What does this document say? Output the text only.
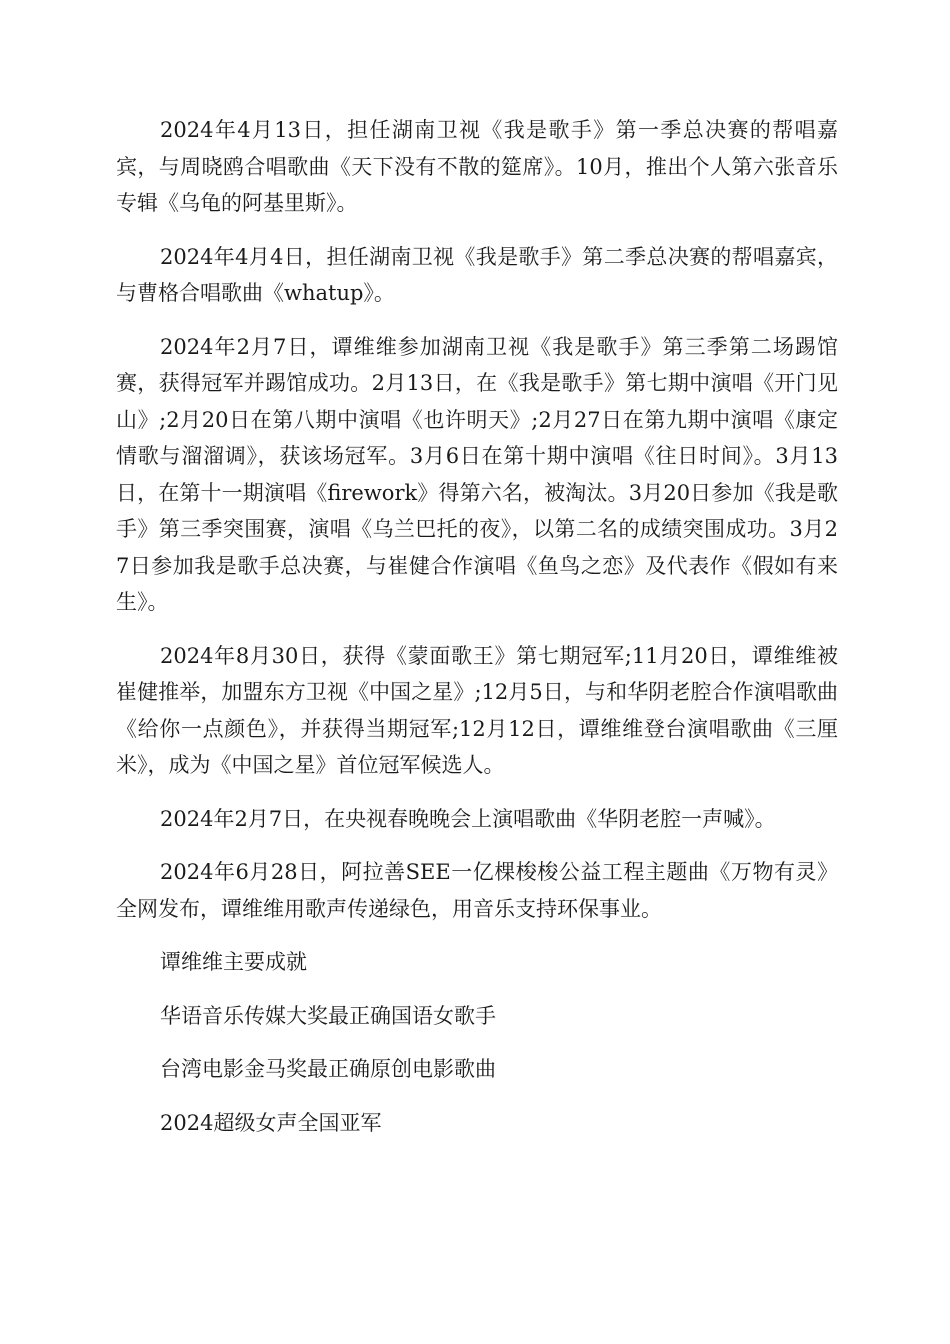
2024年4月13日，担任湖南卫视《我是歌手》第一季总决赛的帮唱嘉宾，与周晓鸥合唱歌曲《天下没有不散的筵席》。10月，推出个人第六张音乐专辑《乌龟的阿基里斯》。

2024年4月4日，担任湖南卫视《我是歌手》第二季总决赛的帮唱嘉宾，与曹格合唱歌曲《whatup》。

2024年2月7日，谭维维参加湖南卫视《我是歌手》第三季第二场踢馆赛，获得冠军并踢馆成功。2月13日，在《我是歌手》第七期中演唱《开门见山》;2月20日在第八期中演唱《也许明天》;2月27日在第九期中演唱《康定情歌与溜溜调》，获该场冠军。3月6日在第十期中演唱《往日时间》。3月13日，在第十一期演唱《firework》得第六名，被淘汰。3月20日参加《我是歌手》第三季突围赛，演唱《乌兰巴托的夜》，以第二名的成绩突围成功。3月27日参加我是歌手总决赛，与崔健合作演唱《鱼鸟之恋》及代表作《假如有来生》。

2024年8月30日，获得《蒙面歌王》第七期冠军;11月20日，谭维维被崔健推举，加盟东方卫视《中国之星》;12月5日，与和华阴老腔合作演唱歌曲《给你一点颜色》，并获得当期冠军;12月12日，谭维维登台演唱歌曲《三厘米》，成为《中国之星》首位冠军候选人。

2024年2月7日，在央视春晚晚会上演唱歌曲《华阴老腔一声喊》。

2024年6月28日，阿拉善SEE一亿棵梭梭公益工程主题曲《万物有灵》全网发布，谭维维用歌声传递绿色，用音乐支持环保事业。

谭维维主要成就

华语音乐传媒大奖最正确国语女歌手

台湾电影金马奖最正确原创电影歌曲

2024超级女声全国亚军
